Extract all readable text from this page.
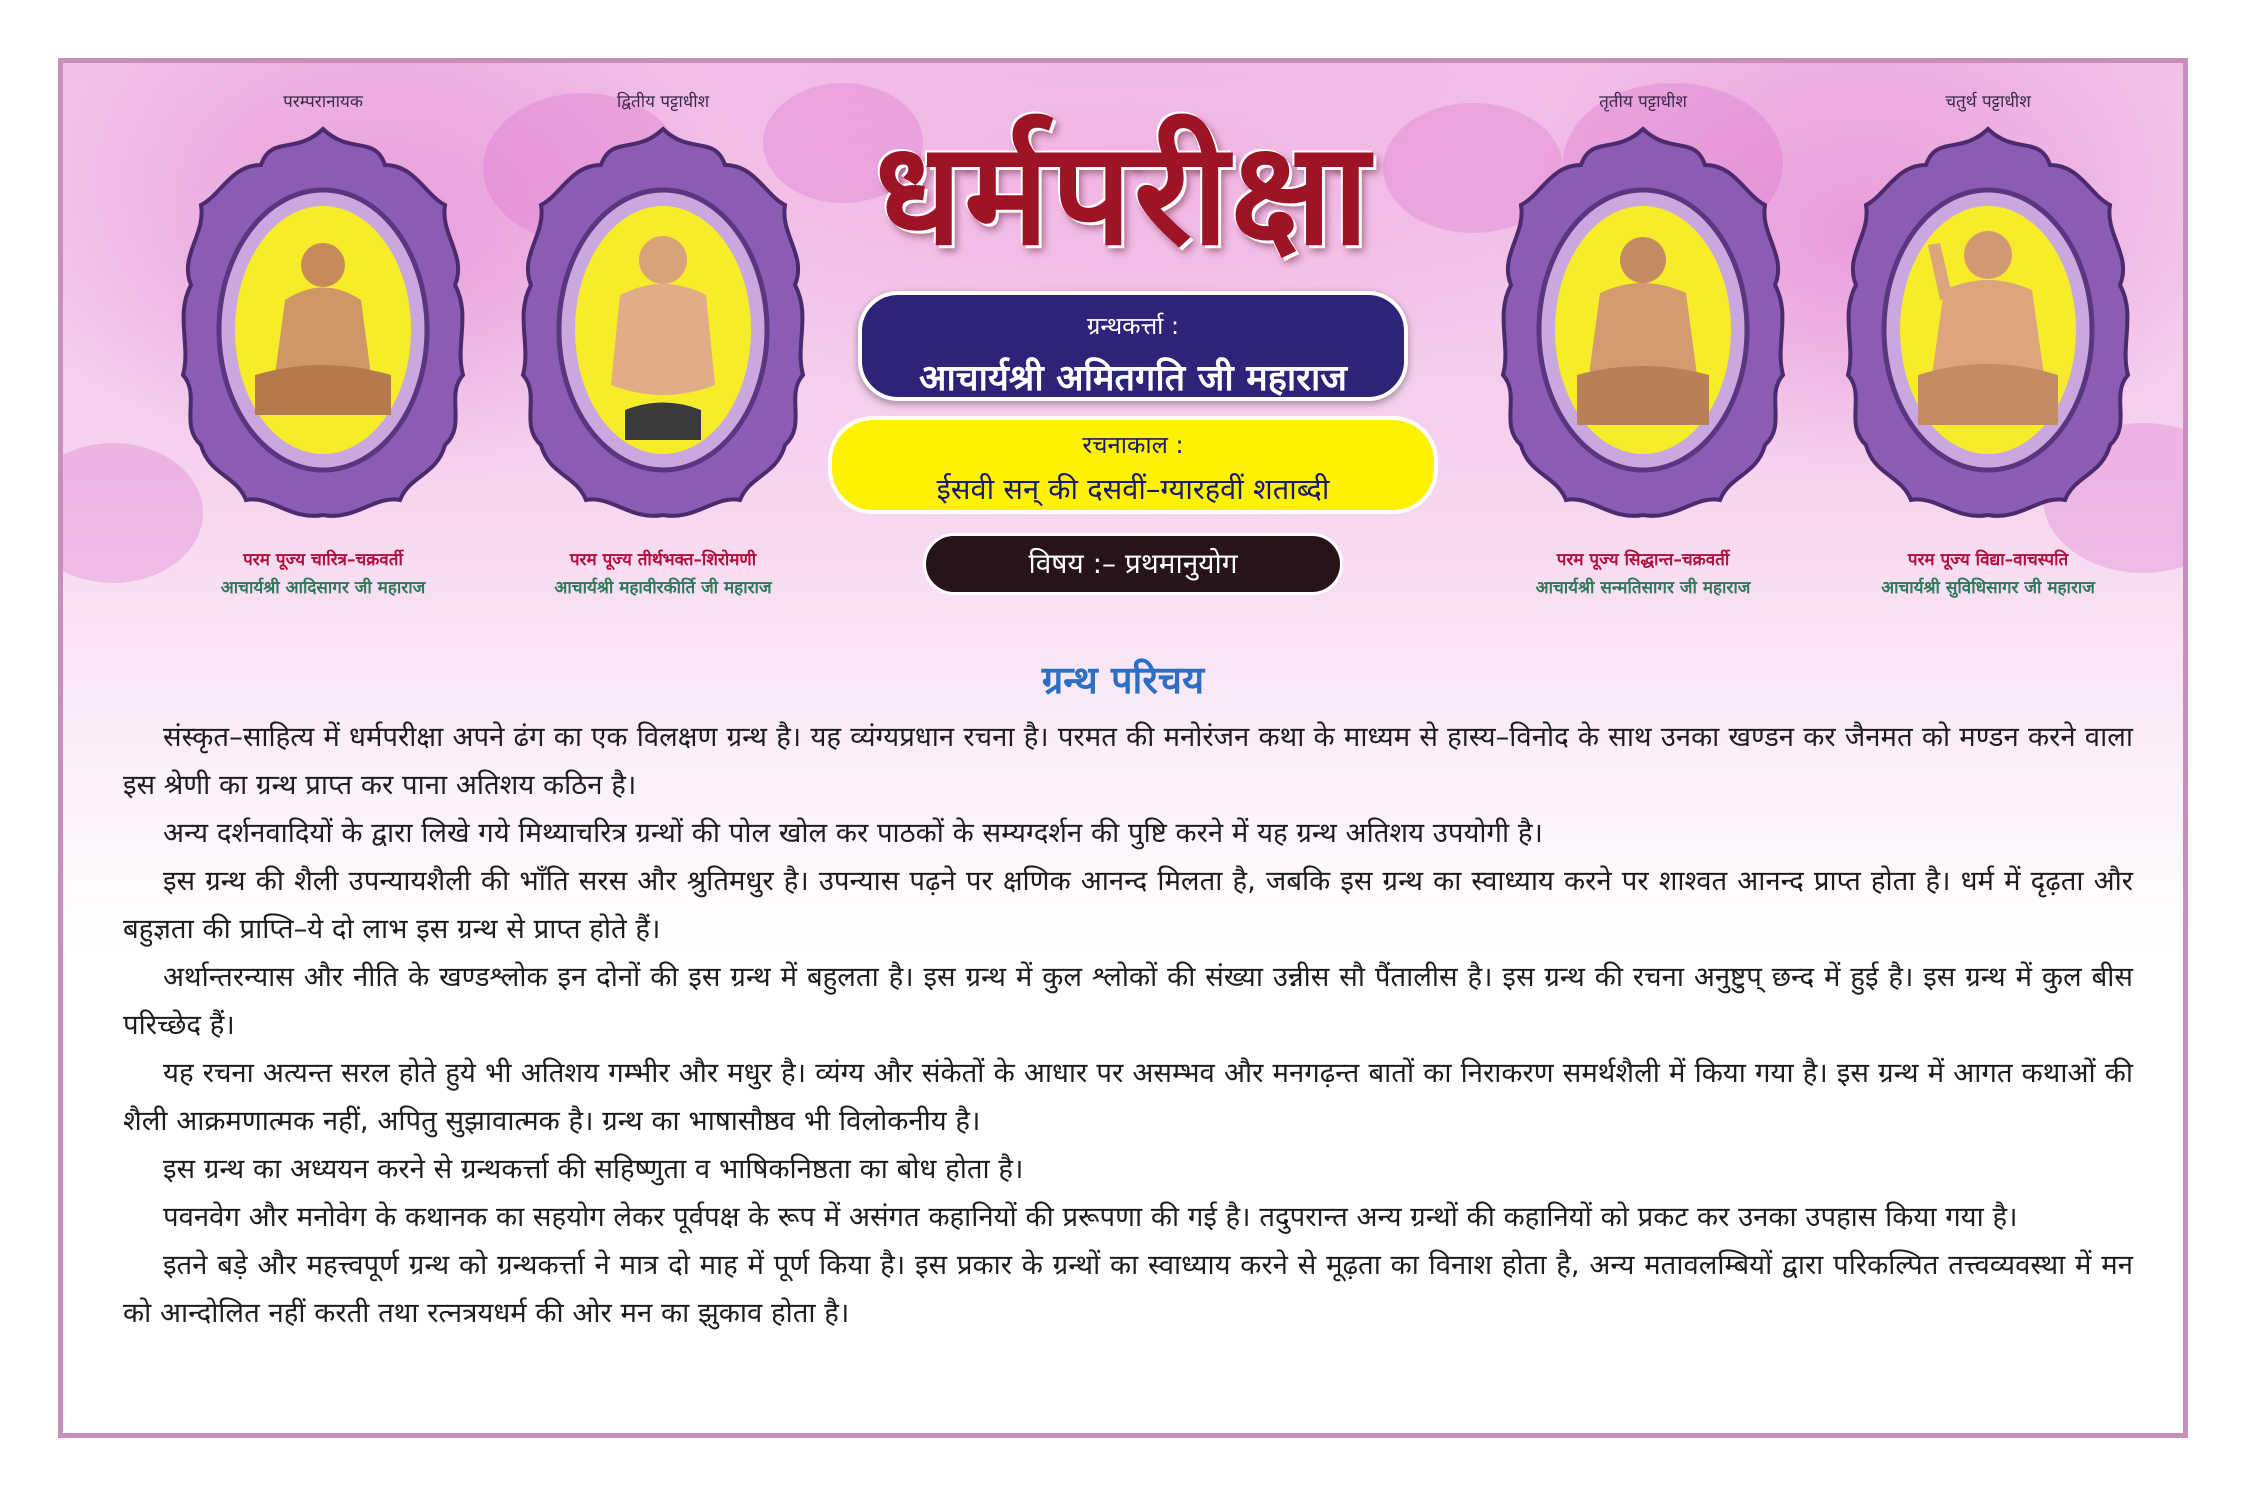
परम्परानायक
परम पूज्य चारित्र–चक्रवर्ती
आचार्यश्री आदिसागर जी महाराज
द्वितीय पट्टाधीश
परम पूज्य तीर्थभक्त–शिरोमणी
आचार्यश्री महावीरकीर्ति जी महाराज
तृतीय पट्टाधीश
परम पूज्य सिद्धान्त–चक्रवर्ती
आचार्यश्री सन्मतिसागर जी महाराज
चतुर्थ पट्टाधीश
परम पूज्य विद्या–वाचस्पति
आचार्यश्री सुविधिसागर जी महाराज
धर्मपरीक्षा
ग्रन्थकर्त्ता :
आचार्यश्री अमितगति जी महाराज
रचनाकाल :
ईसवी सन् की दसवीं–ग्यारहवीं शताब्दी
विषय :– प्रथमानुयोग
ग्रन्थ परिचय

संस्कृत–साहित्य में धर्मपरीक्षा अपने ढंग का एक विलक्षण ग्रन्थ है। यह व्यंग्यप्रधान रचना है। परमत की मनोरंजन कथा के माध्यम से हास्य–विनोद के साथ उनका खण्डन कर जैनमत को मण्डन करने वाला इस श्रेणी का ग्रन्थ प्राप्त कर पाना अतिशय कठिन है।

अन्य दर्शनवादियों के द्वारा लिखे गये मिथ्याचरित्र ग्रन्थों की पोल खोल कर पाठकों के सम्यग्दर्शन की पुष्टि करने में यह ग्रन्थ अतिशय उपयोगी है।

इस ग्रन्थ की शैली उपन्यायशैली की भाँति सरस और श्रुतिमधुर है। उपन्यास पढ़ने पर क्षणिक आनन्द मिलता है, जबकि इस ग्रन्थ का स्वाध्याय करने पर शाश्वत आनन्द प्राप्त होता है। धर्म में दृढ़ता और बहुज्ञता की प्राप्ति–ये दो लाभ इस ग्रन्थ से प्राप्त होते हैं।

अर्थान्तरन्यास और नीति के खण्डश्लोक इन दोनों की इस ग्रन्थ में बहुलता है। इस ग्रन्थ में कुल श्लोकों की संख्या उन्नीस सौ पैंतालीस है। इस ग्रन्थ की रचना अनुष्टुप् छन्द में हुई है। इस ग्रन्थ में कुल बीस परिच्छेद हैं।

यह रचना अत्यन्त सरल होते हुये भी अतिशय गम्भीर और मधुर है। व्यंग्य और संकेतों के आधार पर असम्भव और मनगढ़न्त बातों का निराकरण समर्थशैली में किया गया है। इस ग्रन्थ में आगत कथाओं की शैली आक्रमणात्मक नहीं, अपितु सुझावात्मक है। ग्रन्थ का भाषासौष्ठव भी विलोकनीय है।

इस ग्रन्थ का अध्ययन करने से ग्रन्थकर्त्ता की सहिष्णुता व भाषिकनिष्ठता का बोध होता है।

पवनवेग और मनोवेग के कथानक का सहयोग लेकर पूर्वपक्ष के रूप में असंगत कहानियों की प्ररूपणा की गई है। तदुपरान्त अन्य ग्रन्थों की कहानियों को प्रकट कर उनका उपहास किया गया है।

इतने बड़े और महत्त्वपूर्ण ग्रन्थ को ग्रन्थकर्त्ता ने मात्र दो माह में पूर्ण किया है। इस प्रकार के ग्रन्थों का स्वाध्याय करने से मूढ़ता का विनाश होता है, अन्य मतावलम्बियों द्वारा परिकल्पित तत्त्वव्यवस्था में मन को आन्दोलित नहीं करती तथा रत्नत्रयधर्म की ओर मन का झुकाव होता है।
